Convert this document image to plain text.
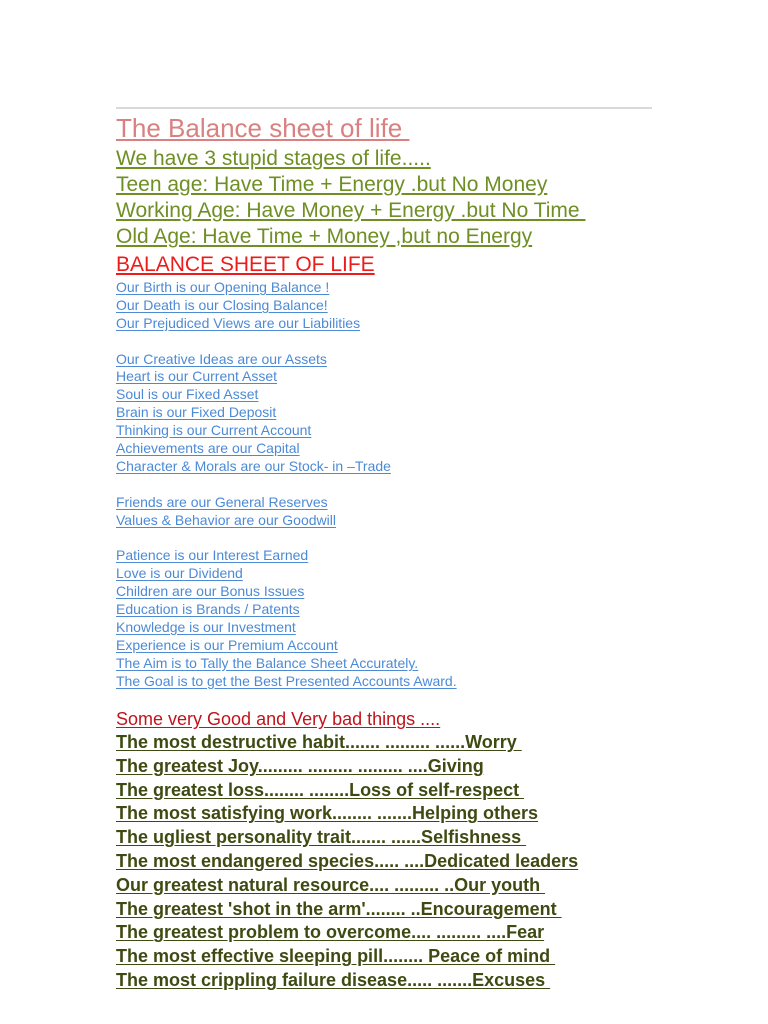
The Balance sheet of life
We have 3 stupid stages of life.....
Teen age: Have Time + Energy .but No Money
Working Age: Have Money + Energy .but No Time
Old Age: Have Time + Money ,but no Energy
BALANCE SHEET OF LIFE
Our Birth is our Opening Balance !
Our Death is our Closing Balance!
Our Prejudiced Views are our Liabilities
Our Creative Ideas are our Assets
Heart is our Current Asset
Soul is our Fixed Asset
Brain is our Fixed Deposit
Thinking is our Current Account
Achievements are our Capital
Character & Morals are our Stock- in –Trade
Friends are our General Reserves
Values & Behavior are our Goodwill
Patience is our Interest Earned
Love is our Dividend
Children are our Bonus Issues
Education is Brands / Patents
Knowledge is our Investment
Experience is our Premium Account
The Aim is to Tally the Balance Sheet Accurately.
The Goal is to get the Best Presented Accounts Award.
Some very Good and Very bad things ....
The most destructive habit....... ......... ......Worry
The greatest Joy......... ......... ......... ....Giving
The greatest loss........ ........Loss of self-respect
The most satisfying work........ .......Helping others
The ugliest personality trait....... ......Selfishness
The most endangered species..... ....Dedicated leaders
Our greatest natural resource.... ......... ..Our youth
The greatest 'shot in the arm'........ ..Encouragement
The greatest problem to overcome.... ......... ....Fear
The most effective sleeping pill........ Peace of mind
The most crippling failure disease..... .......Excuses
